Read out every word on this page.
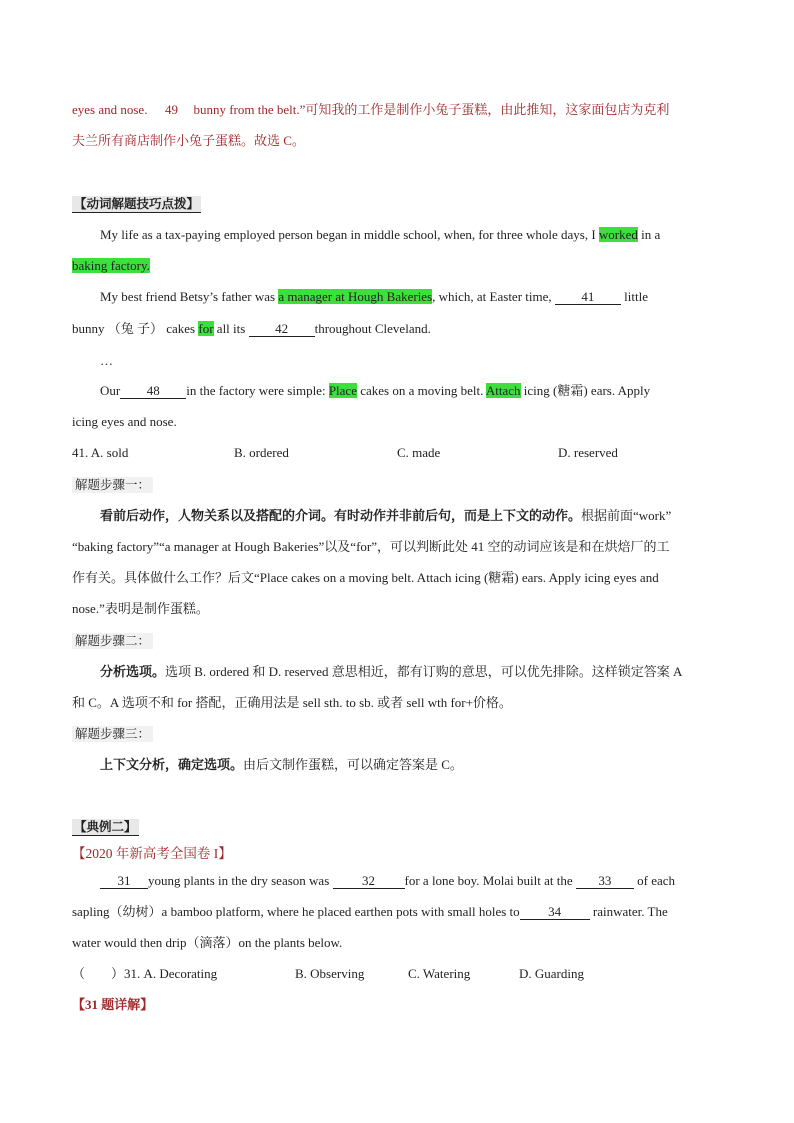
eyes and nose. 49 bunny from the belt.”可知我的工作是制作小兔子蛋糕，由此推知，这家面包店为克利
夫兰所有商店制作小兔子蛋糕。故选 C。
【动词解题技巧点拨】
My life as a tax-paying employed person began in middle school, when, for three whole days, I worked in a
baking factory.
My best friend Betsy’s father was a manager at Hough Bakeries, which, at Easter time, 41 little
bunny （兔 子） cakes for all its 42 throughout Cleveland.
…
Our 48 in the factory were simple: Place cakes on a moving belt. Attach icing (糖霜) ears. Apply
icing eyes and nose.
41. A. sold	B. ordered	C. made	D. reserved
解题步骤一：
看前后动作，人物关系以及搭配的介词。有时动作并非前后句，而是上下文的动作。根据前面“work”
“baking factory”“a manager at Hough Bakeries”以及“for”，可以判断此处 41 空的动词应该是和在烘焙厂的工
作有关。具体做什么工作？后文“Place cakes on a moving belt. Attach icing (糖霜) ears. Apply icing eyes and
nose.”表明是制作蛋糕。
解题步骤二：
分析选项。选项 B. ordered 和 D. reserved 意思相近，都有订购的意思，可以优先排除。这样锁定答案 A
和 C。A 选项不和 for 搭配，正确用法是 sell sth. to sb. 或者 sell wth for+价格。
解题步骤三：
上下文分析，确定选项。由后文制作蛋糕，可以确定答案是 C。
【典例二】
【2020 年新高考全国卷 I】
31 young plants in the dry season was 32 for a lone boy. Molai built at the 33 of each
sapling（幼树）a bamboo platform, where he placed earthen pots with small holes to 34 rainwater. The
water would then drip（滴落）on the plants below.
（　　）31. A. Decorating	B. Observing	C. Watering	D. Guarding
【31 题详解】
